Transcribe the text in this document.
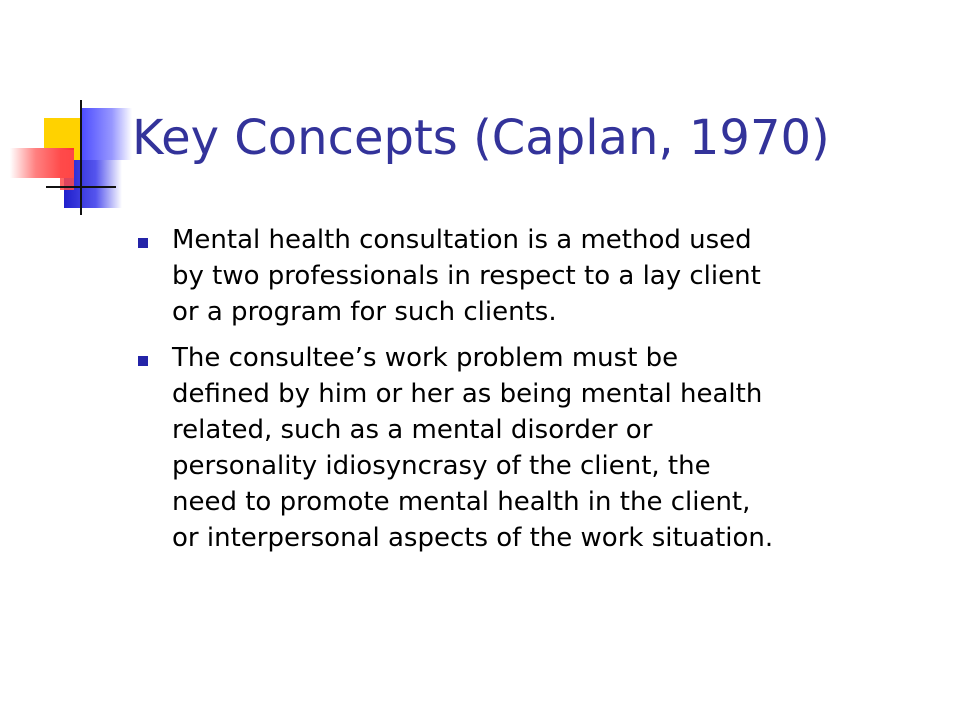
Key Concepts (Caplan, 1970)
Mental health consultation is a method used
by two professionals in respect to a lay client
or a program for such clients.
The consultee’s work problem must be
defined by him or her as being mental health
related, such as a mental disorder or
personality idiosyncrasy of the client, the
need to promote mental health in the client,
or interpersonal aspects of the work situation.
